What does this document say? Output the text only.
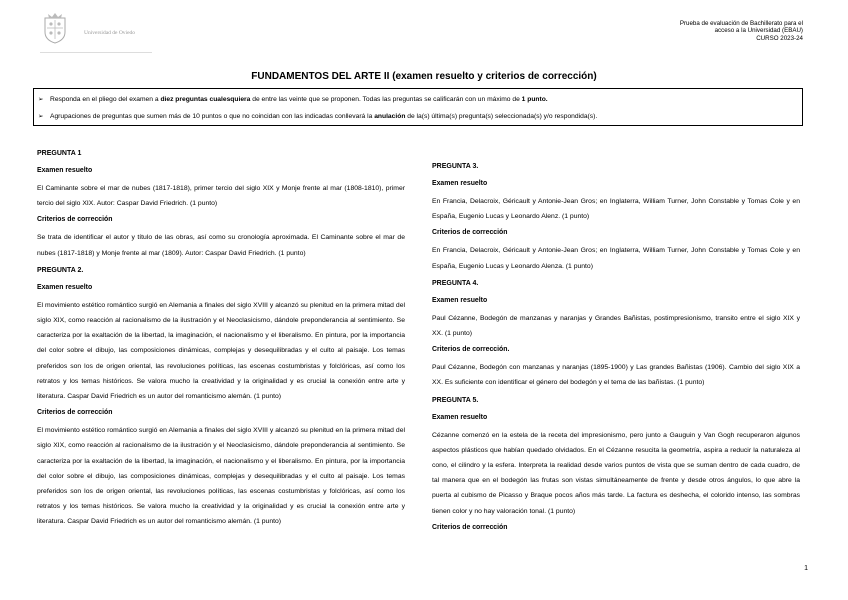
Universidad de Oviedo
Prueba de evaluación de Bachillerato para el
acceso a la Universidad (EBAU)
CURSO 2023-24
FUNDAMENTOS DEL ARTE II (examen resuelto y criterios de corrección)
➢ Responda en el pliego del examen a diez preguntas cualesquiera de entre las veinte que se proponen. Todas las preguntas se calificarán con un máximo de 1 punto.
➢ Agrupaciones de preguntas que sumen más de 10 puntos o que no coincidan con las indicadas conllevará la anulación de la(s) última(s) pregunta(s) seleccionada(s) y/o respondida(s).
PREGUNTA 1
Examen resuelto

El Caminante sobre el mar de nubes (1817-1818), primer tercio del siglo XIX y Monje frente al mar (1808-1810), primer tercio del siglo XIX. Autor: Caspar David Friedrich. (1 punto)

Criterios de corrección

Se trata de identificar el autor y título de las obras, así como su cronología aproximada. El Caminante sobre el mar de nubes (1817-1818) y Monje frente al mar (1809). Autor: Caspar David Friedrich. (1 punto)

PREGUNTA 2.
Examen resuelto

El movimiento estético romántico surgió en Alemania a finales del siglo XVIII y alcanzó su plenitud en la primera mitad del siglo XIX, como reacción al racionalismo de la ilustración y el Neoclasicismo, dándole preponderancia al sentimiento. Se caracteriza por la exaltación de la libertad, la imaginación, el nacionalismo y el liberalismo. En pintura, por la importancia del color sobre el dibujo, las composiciones dinámicas, complejas y desequilibradas y el culto al paisaje. Los temas preferidos son los de origen oriental, las revoluciones políticas, las escenas costumbristas y folclóricas, así como los retratos y los temas históricos. Se valora mucho la creatividad y la originalidad y es crucial la conexión entre arte y literatura. Caspar David Friedrich es un autor del romanticismo alemán. (1 punto)

Criterios de corrección

El movimiento estético romántico surgió en Alemania a finales del siglo XVIII y alcanzó su plenitud en la primera mitad del siglo XIX, como reacción al racionalismo de la ilustración y el Neoclasicismo, dándole preponderancia al sentimiento. Se caracteriza por la exaltación de la libertad, la imaginación, el nacionalismo y el liberalismo. En pintura, por la importancia del color sobre el dibujo, las composiciones dinámicas, complejas y desequilibradas y el culto al paisaje. Los temas preferidos son los de origen oriental, las revoluciones políticas, las escenas costumbristas y folclóricas, así como los retratos y los temas históricos. Se valora mucho la creatividad y la originalidad y es crucial la conexión entre arte y literatura. Caspar David Friedrich es un autor del romanticismo alemán. (1 punto)

PREGUNTA 3.
Examen resuelto

En Francia, Delacroix, Géricault y Antonie-Jean Gros; en Inglaterra, William Turner, John Constable y Tomas Cole y en España, Eugenio Lucas y Leonardo Alenz. (1 punto)

Criterios de corrección

En Francia, Delacroix, Géricault y Antonie-Jean Gros; en Inglaterra, William Turner, John Constable y Tomas Cole y en España, Eugenio Lucas y Leonardo Alenza. (1 punto)

PREGUNTA 4.
Examen resuelto

Paul Cézanne, Bodegón de manzanas y naranjas y Grandes Bañistas, postimpresionismo, transito entre el siglo XIX y XX. (1 punto)

Criterios de corrección.

Paul Cézanne, Bodegón con manzanas y naranjas (1895-1900) y Las grandes Bañistas (1906). Cambio del siglo XIX a XX. Es suficiente con identificar el género del bodegón y el tema de las bañistas. (1 punto)

PREGUNTA 5.
Examen resuelto

Cézanne comenzó en la estela de la receta del impresionismo, pero junto a Gauguin y Van Gogh recuperaron algunos aspectos plásticos que habían quedado olvidados. En el Cézanne resucita la geometría, aspira a reducir la naturaleza al cono, el cilindro y la esfera. Interpreta la realidad desde varios puntos de vista que se suman dentro de cada cuadro, de tal manera que en el bodegón las frutas son vistas simultáneamente de frente y desde otros ángulos, lo que abre la puerta al cubismo de Picasso y Braque pocos años más tarde. La factura es deshecha, el colorido intenso, las sombras tienen color y no hay valoración tonal. (1 punto)

Criterios de corrección
1
